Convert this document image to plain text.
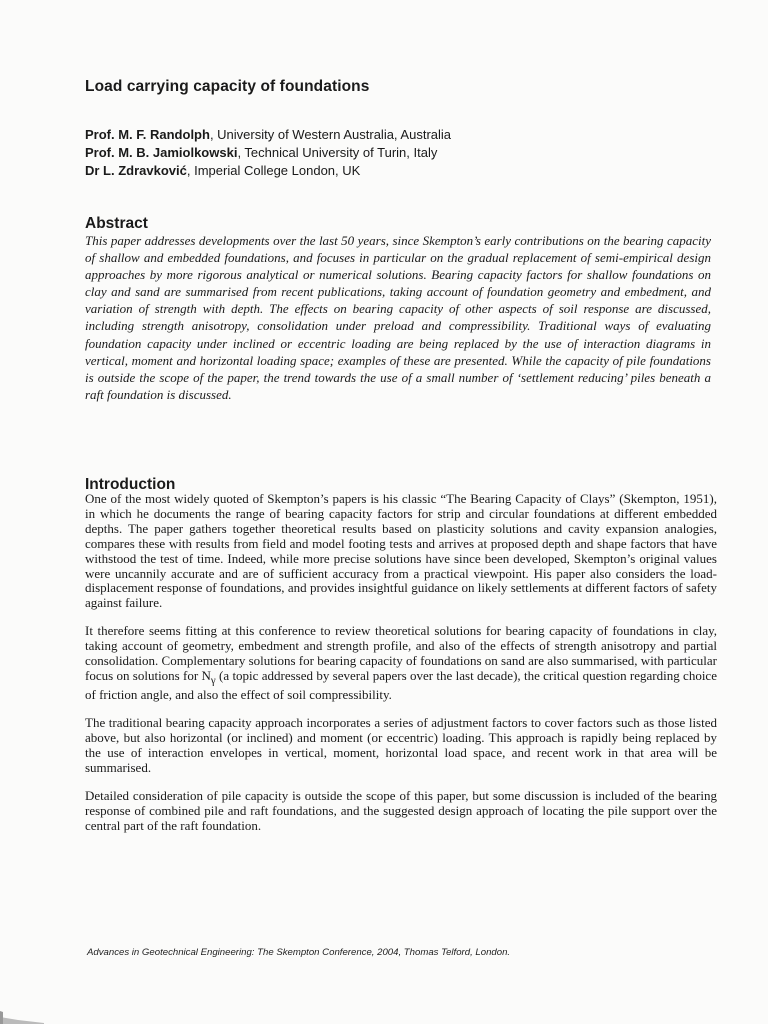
Load carrying capacity of foundations
Prof. M. F. Randolph, University of Western Australia, Australia
Prof. M. B. Jamiolkowski, Technical University of Turin, Italy
Dr L. Zdravković, Imperial College London, UK
Abstract
This paper addresses developments over the last 50 years, since Skempton’s early contributions on the bearing capacity of shallow and embedded foundations, and focuses in particular on the gradual replacement of semi-empirical design approaches by more rigorous analytical or numerical solutions. Bearing capacity factors for shallow foundations on clay and sand are summarised from recent publications, taking account of foundation geometry and embedment, and variation of strength with depth. The effects on bearing capacity of other aspects of soil response are discussed, including strength anisotropy, consolidation under preload and compressibility. Traditional ways of evaluating foundation capacity under inclined or eccentric loading are being replaced by the use of interaction diagrams in vertical, moment and horizontal loading space; examples of these are presented. While the capacity of pile foundations is outside the scope of the paper, the trend towards the use of a small number of ‘settlement reducing’ piles beneath a raft foundation is discussed.
Introduction

One of the most widely quoted of Skempton’s papers is his classic “The Bearing Capacity of Clays” (Skempton, 1951), in which he documents the range of bearing capacity factors for strip and circular foundations at different embedded depths. The paper gathers together theoretical results based on plasticity solutions and cavity expansion analogies, compares these with results from field and model footing tests and arrives at proposed depth and shape factors that have withstood the test of time. Indeed, while more precise solutions have since been developed, Skempton’s original values were uncannily accurate and are of sufficient accuracy from a practical viewpoint. His paper also considers the load-displacement response of foundations, and provides insightful guidance on likely settlements at different factors of safety against failure.

It therefore seems fitting at this conference to review theoretical solutions for bearing capacity of foundations in clay, taking account of geometry, embedment and strength profile, and also of the effects of strength anisotropy and partial consolidation. Complementary solutions for bearing capacity of foundations on sand are also summarised, with particular focus on solutions for $N_\gamma$ (a topic addressed by several papers over the last decade), the critical question regarding choice of friction angle, and also the effect of soil compressibility.

The traditional bearing capacity approach incorporates a series of adjustment factors to cover factors such as those listed above, but also horizontal (or inclined) and moment (or eccentric) loading. This approach is rapidly being replaced by the use of interaction envelopes in vertical, moment, horizontal load space, and recent work in that area will be summarised.

Detailed consideration of pile capacity is outside the scope of this paper, but some discussion is included of the bearing response of combined pile and raft foundations, and the suggested design approach of locating the pile support over the central part of the raft foundation.

Advances in Geotechnical Engineering: The Skempton Conference, 2004, Thomas Telford, London.
